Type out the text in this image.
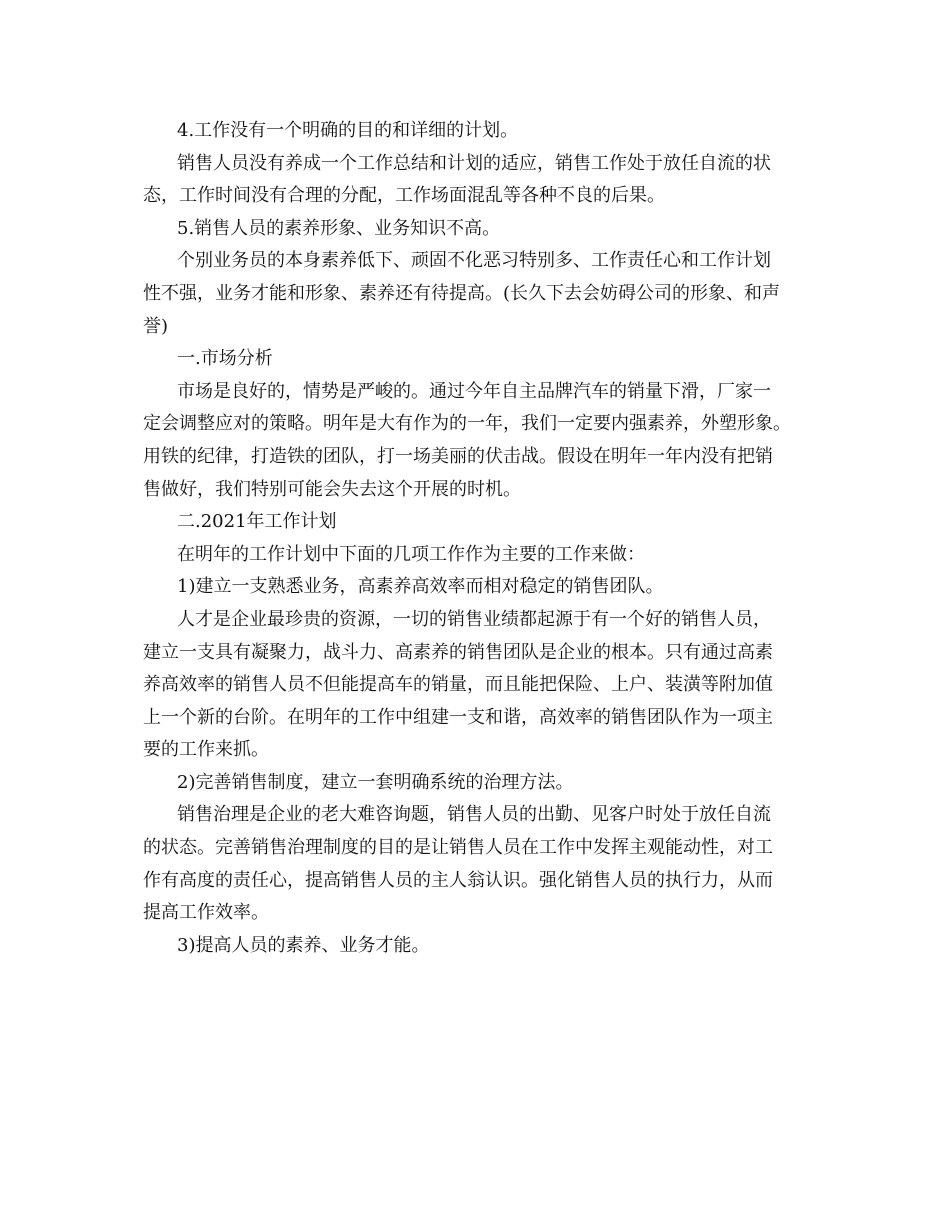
4.工作没有一个明确的目的和详细的计划。
销售人员没有养成一个工作总结和计划的适应，销售工作处于放任自流的状
态，工作时间没有合理的分配，工作场面混乱等各种不良的后果。
5.销售人员的素养形象、业务知识不高。
个别业务员的本身素养低下、顽固不化恶习特别多、工作责任心和工作计划
性不强，业务才能和形象、素养还有待提高。(长久下去会妨碍公司的形象、和声
誉)
一.市场分析
市场是良好的，情势是严峻的。通过今年自主品牌汽车的销量下滑，厂家一
定会调整应对的策略。明年是大有作为的一年，我们一定要内强素养，外塑形象。
用铁的纪律，打造铁的团队，打一场美丽的伏击战。假设在明年一年内没有把销
售做好，我们特别可能会失去这个开展的时机。
二.2021年工作计划
在明年的工作计划中下面的几项工作作为主要的工作来做：
1)建立一支熟悉业务，高素养高效率而相对稳定的销售团队。
人才是企业最珍贵的资源，一切的销售业绩都起源于有一个好的销售人员，
建立一支具有凝聚力，战斗力、高素养的销售团队是企业的根本。只有通过高素
养高效率的销售人员不但能提高车的销量，而且能把保险、上户、装潢等附加值
上一个新的台阶。在明年的工作中组建一支和谐，高效率的销售团队作为一项主
要的工作来抓。
2)完善销售制度，建立一套明确系统的治理方法。
销售治理是企业的老大难咨询题，销售人员的出勤、见客户时处于放任自流
的状态。完善销售治理制度的目的是让销售人员在工作中发挥主观能动性，对工
作有高度的责任心，提高销售人员的主人翁认识。强化销售人员的执行力，从而
提高工作效率。
3)提高人员的素养、业务才能。
